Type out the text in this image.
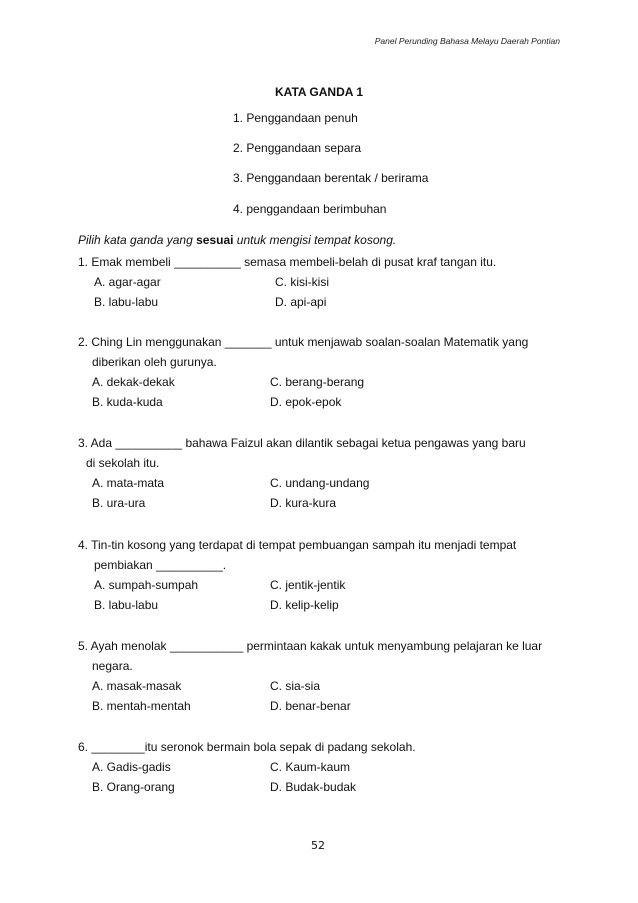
Panel Perunding Bahasa Melayu Daerah Pontian
KATA GANDA 1
1. Penggandaan penuh
2. Penggandaan separa
3. Penggandaan berentak / berirama
4. penggandaan berimbuhan
Pilih kata ganda yang sesuai untuk mengisi tempat kosong.
1. Emak membeli __________ semasa membeli-belah di pusat kraf tangan itu.
A. agar-agar	C. kisi-kisi
B. labu-labu	D. api-api
2. Ching Lin menggunakan _______ untuk menjawab soalan-soalan Matematik yang
diberikan oleh gurunya.
A. dekak-dekak	C. berang-berang
B. kuda-kuda	D. epok-epok
3. Ada __________ bahawa Faizul akan dilantik sebagai ketua pengawas yang baru
di sekolah itu.
A. mata-mata	C. undang-undang
B. ura-ura	D. kura-kura
4. Tin-tin kosong yang terdapat di tempat pembuangan sampah itu menjadi tempat
pembiakan __________.
A. sumpah-sumpah	C. jentik-jentik
B. labu-labu	D. kelip-kelip
5. Ayah menolak ___________ permintaan kakak untuk menyambung pelajaran ke luar
negara.
A. masak-masak	C. sia-sia
B. mentah-mentah	D. benar-benar
6. ________itu seronok bermain bola sepak di padang sekolah.
A. Gadis-gadis	C. Kaum-kaum
B. Orang-orang	D. Budak-budak
52
